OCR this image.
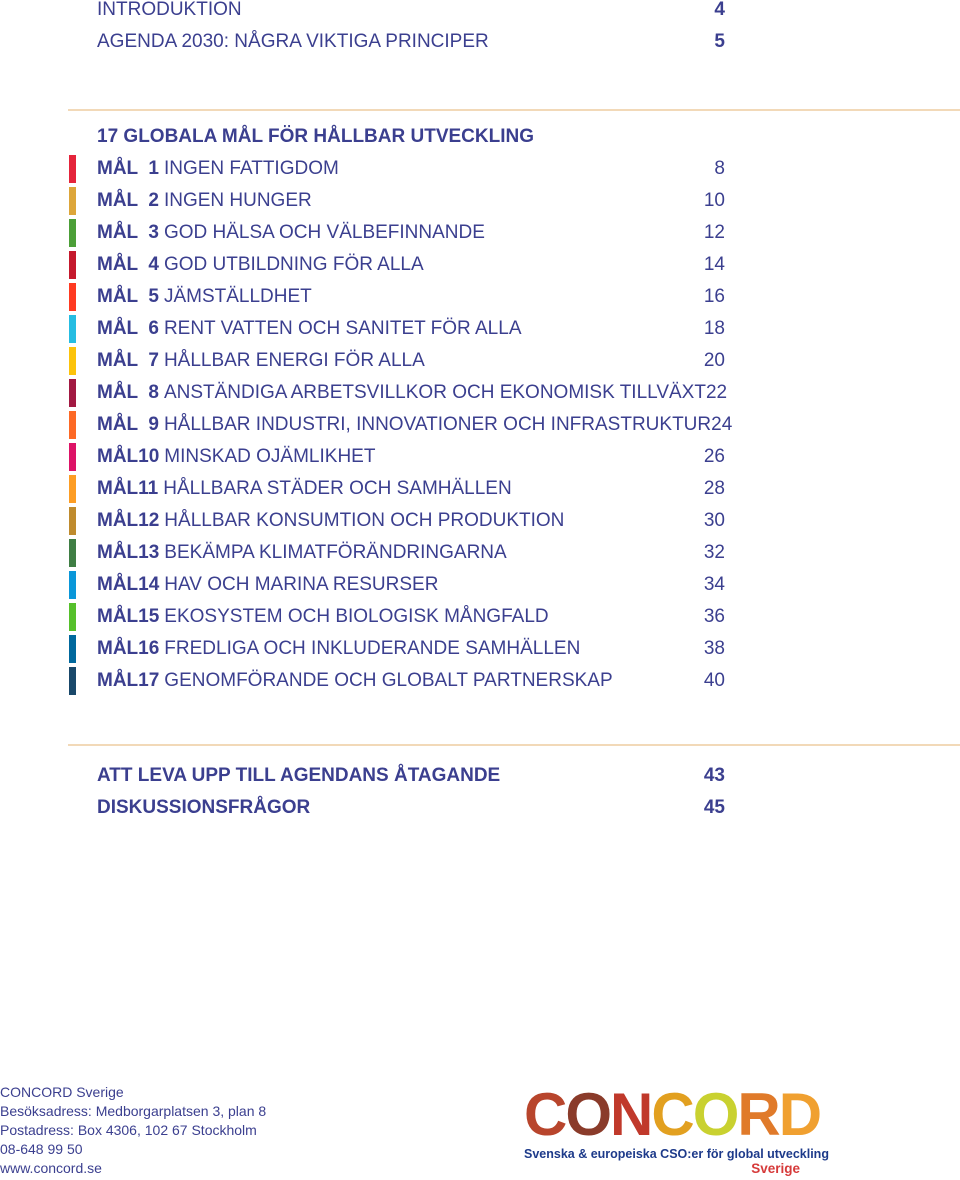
INTRODUKTION	4
AGENDA 2030: NÅGRA VIKTIGA PRINCIPER	5
17 GLOBALA MÅL FÖR HÅLLBAR UTVECKLING
MÅL  1 INGEN FATTIGDOM	8
MÅL  2 INGEN HUNGER	10
MÅL  3 GOD HÄLSA OCH VÄLBEFINNANDE	12
MÅL  4 GOD UTBILDNING FÖR ALLA	14
MÅL  5 JÄMSTÄLLDHET	16
MÅL  6 RENT VATTEN OCH SANITET FÖR ALLA	18
MÅL  7 HÅLLBAR ENERGI FÖR ALLA	20
MÅL  8 ANSTÄNDIGA ARBETSVILLKOR OCH EKONOMISK TILLVÄXT 22
MÅL  9 HÅLLBAR INDUSTRI, INNOVATIONER OCH INFRASTRUKTUR 24
MÅL10 MINSKAD OJÄMLIKHET	26
MÅL11 HÅLLBARA STÄDER OCH SAMHÄLLEN	28
MÅL12 HÅLLBAR KONSUMTION OCH PRODUKTION	30
MÅL13 BEKÄMPA KLIMATFÖRÄNDRINGARNA	32
MÅL14 HAV OCH MARINA RESURSER	34
MÅL15 EKOSYSTEM OCH BIOLOGISK MÅNGFALD	36
MÅL16 FREDLIGA OCH INKLUDERANDE SAMHÄLLEN	38
MÅL17 GENOMFÖRANDE OCH GLOBALT PARTNERSKAP	40
ATT LEVA UPP TILL AGENDANS ÅTAGANDE	43
DISKUSSIONSFRÅGOR	45
CONCORD Sverige
Besöksadress: Medborgarplatsen 3, plan 8
Postadress: Box 4306, 102 67 Stockholm
08-648 99 50
www.concord.se
C O N C O R D
Svenska & europeiska CSO:er för global utveckling
Sverige
